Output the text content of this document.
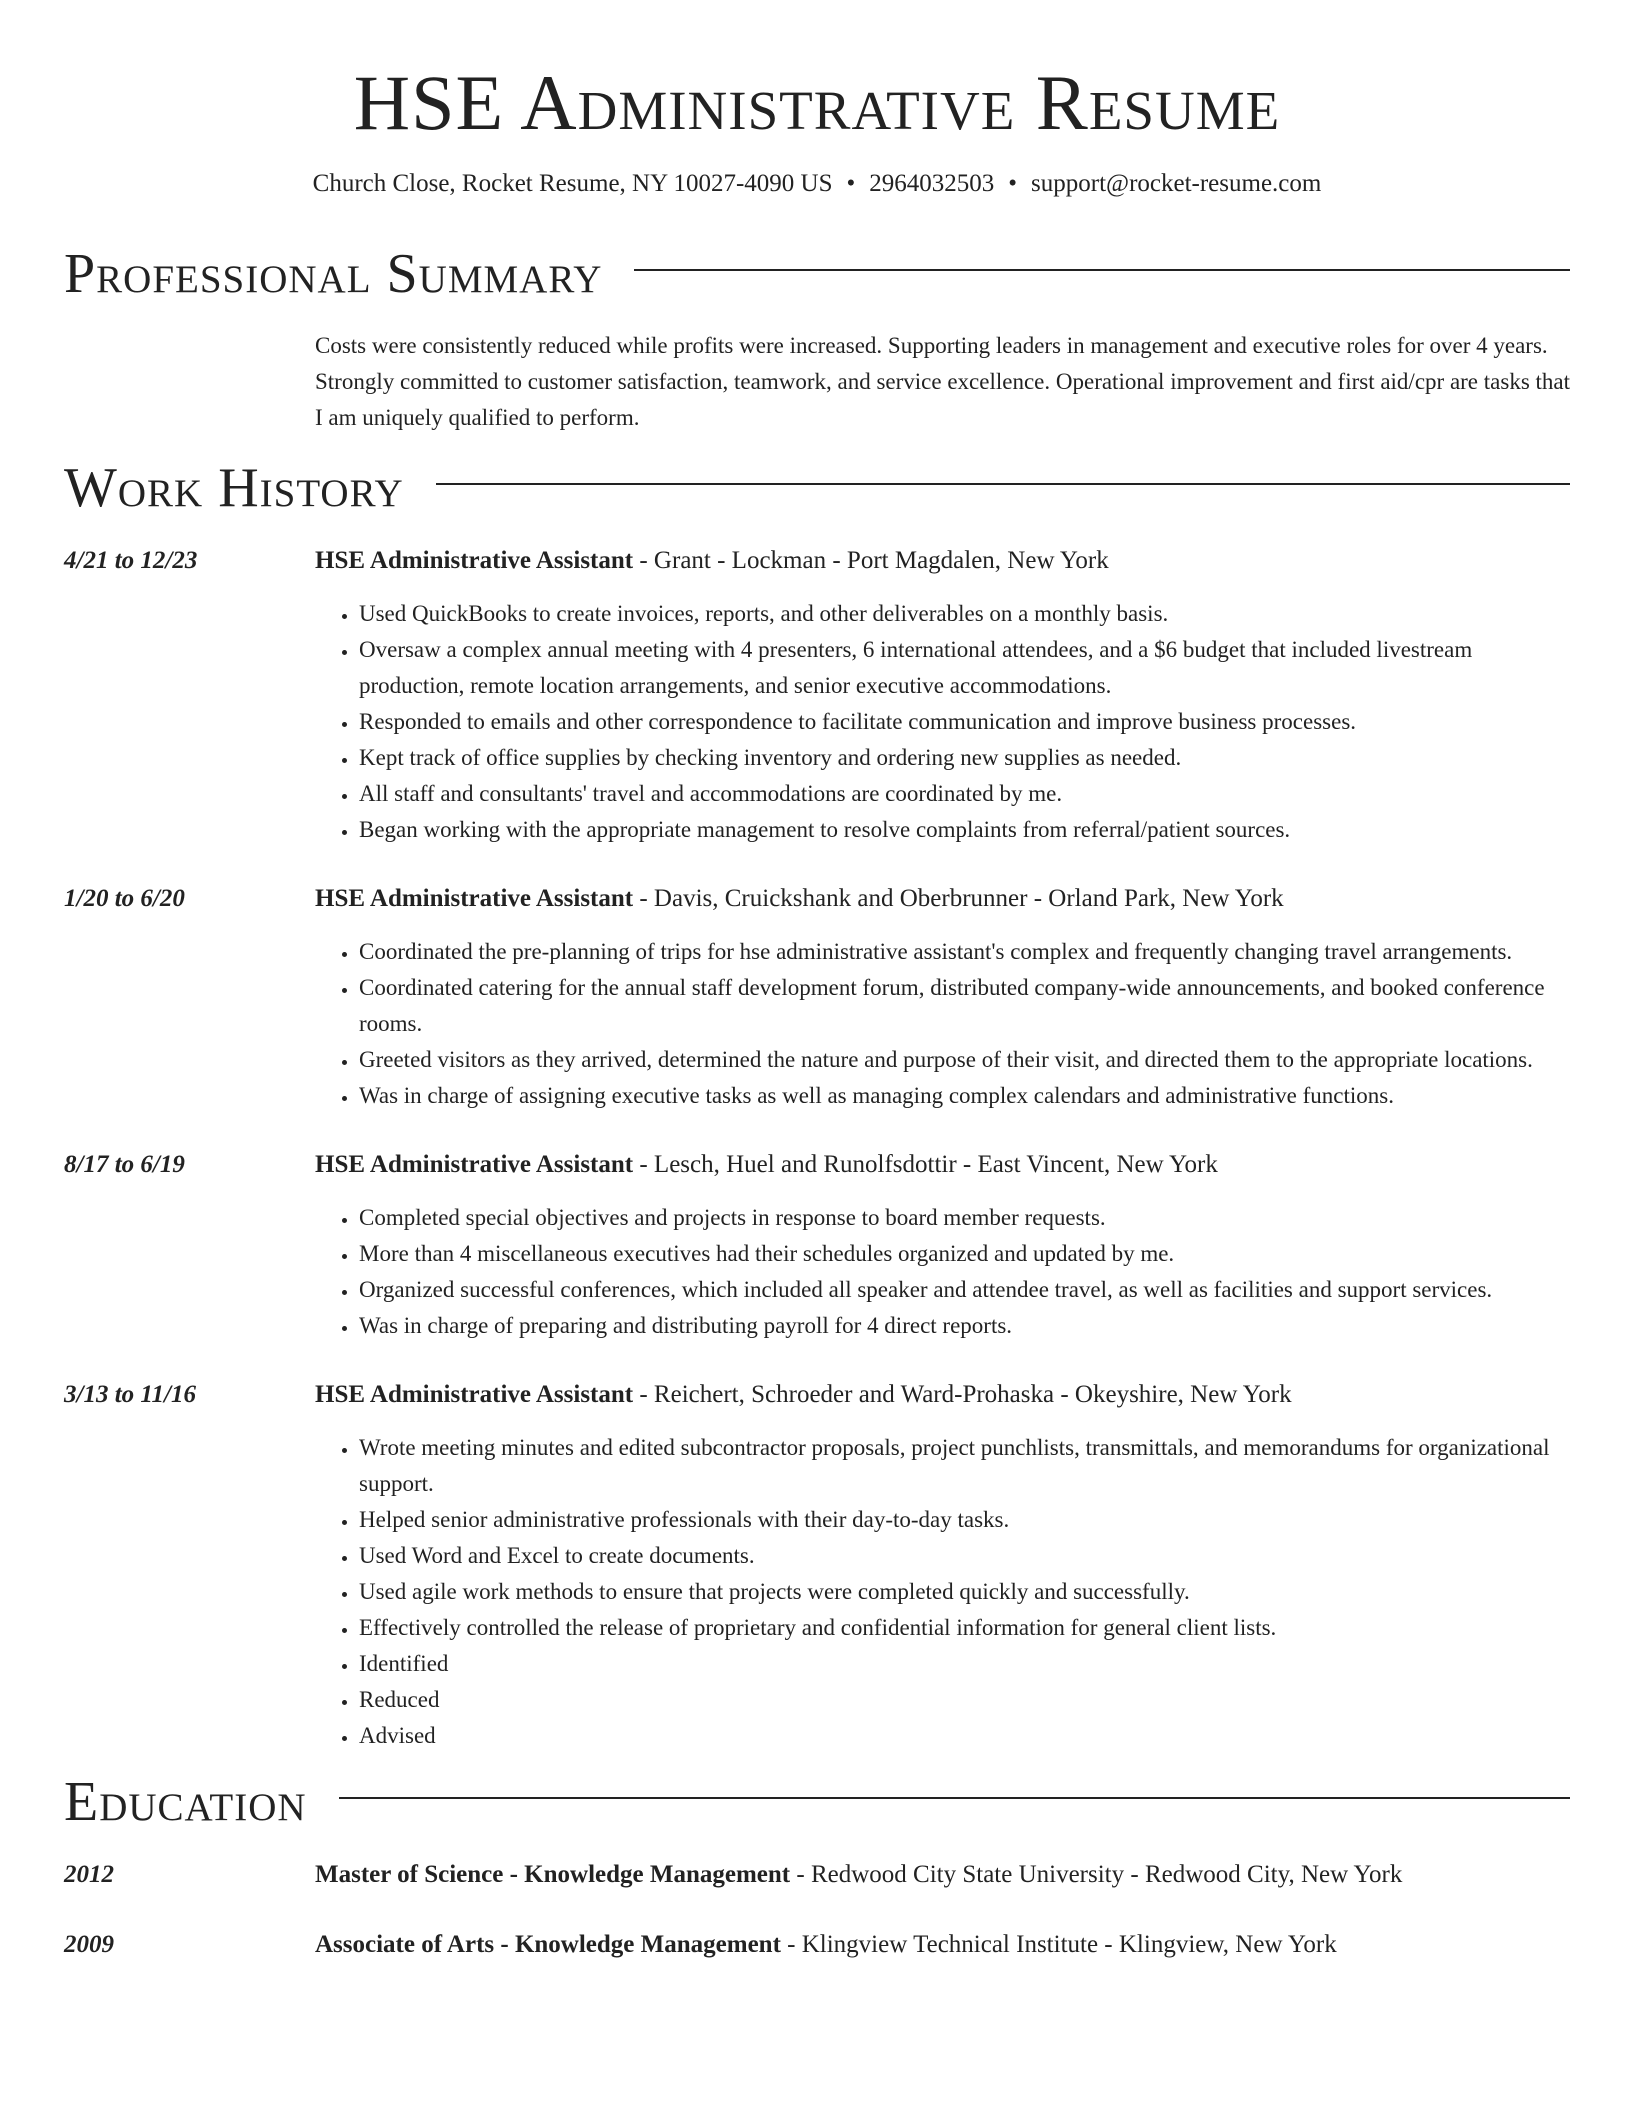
HSE Administrative Resume
Church Close, Rocket Resume, NY 10027-4090 US • 2964032503 • support@rocket-resume.com
Professional Summary
Costs were consistently reduced while profits were increased. Supporting leaders in management and executive roles for over 4 years. Strongly committed to customer satisfaction, teamwork, and service excellence. Operational improvement and first aid/cpr are tasks that I am uniquely qualified to perform.
Work History
4/21 to 12/23	HSE Administrative Assistant - Grant - Lockman - Port Magdalen, New York
• Used QuickBooks to create invoices, reports, and other deliverables on a monthly basis.
• Oversaw a complex annual meeting with 4 presenters, 6 international attendees, and a $6 budget that included livestream production, remote location arrangements, and senior executive accommodations.
• Responded to emails and other correspondence to facilitate communication and improve business processes.
• Kept track of office supplies by checking inventory and ordering new supplies as needed.
• All staff and consultants' travel and accommodations are coordinated by me.
• Began working with the appropriate management to resolve complaints from referral/patient sources.
1/20 to 6/20	HSE Administrative Assistant - Davis, Cruickshank and Oberbrunner - Orland Park, New York
• Coordinated the pre-planning of trips for hse administrative assistant's complex and frequently changing travel arrangements.
• Coordinated catering for the annual staff development forum, distributed company-wide announcements, and booked conference rooms.
• Greeted visitors as they arrived, determined the nature and purpose of their visit, and directed them to the appropriate locations.
• Was in charge of assigning executive tasks as well as managing complex calendars and administrative functions.
8/17 to 6/19	HSE Administrative Assistant - Lesch, Huel and Runolfsdottir - East Vincent, New York
• Completed special objectives and projects in response to board member requests.
• More than 4 miscellaneous executives had their schedules organized and updated by me.
• Organized successful conferences, which included all speaker and attendee travel, as well as facilities and support services.
• Was in charge of preparing and distributing payroll for 4 direct reports.
3/13 to 11/16	HSE Administrative Assistant - Reichert, Schroeder and Ward-Prohaska - Okeyshire, New York
• Wrote meeting minutes and edited subcontractor proposals, project punchlists, transmittals, and memorandums for organizational support.
• Helped senior administrative professionals with their day-to-day tasks.
• Used Word and Excel to create documents.
• Used agile work methods to ensure that projects were completed quickly and successfully.
• Effectively controlled the release of proprietary and confidential information for general client lists.
• Identified
• Reduced
• Advised
Education
2012	Master of Science - Knowledge Management - Redwood City State University - Redwood City, New York
2009	Associate of Arts - Knowledge Management - Klingview Technical Institute - Klingview, New York
